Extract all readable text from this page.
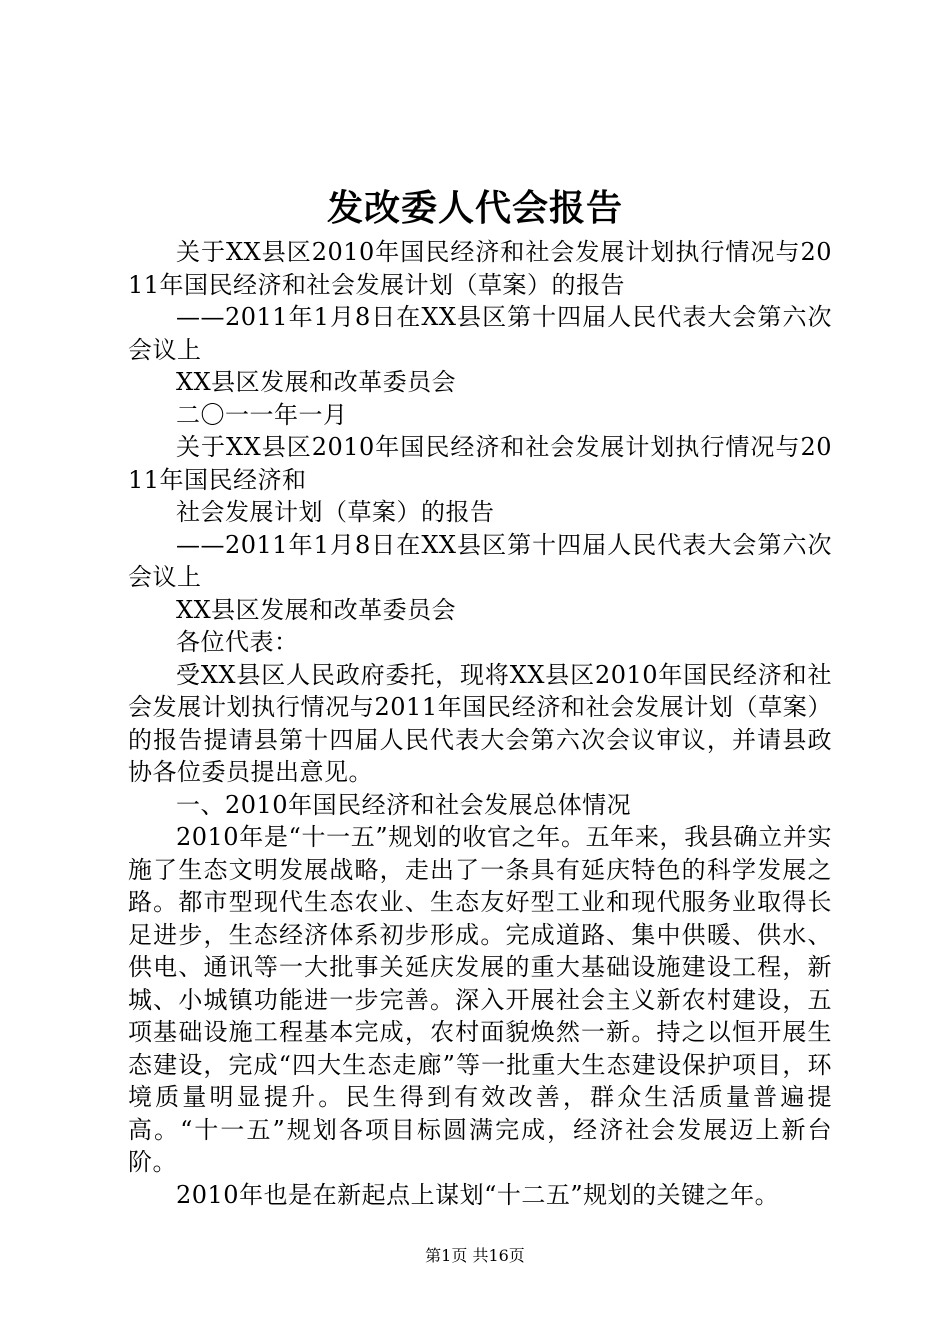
发改委人代会报告

关于XX县区2010年国民经济和社会发展计划执行情况与2011年国民经济和社会发展计划（草案）的报告

——2011年1月8日在XX县区第十四届人民代表大会第六次会议上

XX县区发展和改革委员会

二〇一一年一月

关于XX县区2010年国民经济和社会发展计划执行情况与2011年国民经济和

社会发展计划（草案）的报告

——2011年1月8日在XX县区第十四届人民代表大会第六次会议上

XX县区发展和改革委员会

各位代表：

受XX县区人民政府委托，现将XX县区2010年国民经济和社会发展计划执行情况与2011年国民经济和社会发展计划（草案）的报告提请县第十四届人民代表大会第六次会议审议，并请县政协各位委员提出意见。

一、2010年国民经济和社会发展总体情况

2010年是“十一五”规划的收官之年。五年来，我县确立并实施了生态文明发展战略，走出了一条具有延庆特色的科学发展之路。都市型现代生态农业、生态友好型工业和现代服务业取得长足进步，生态经济体系初步形成。完成道路、集中供暖、供水、供电、通讯等一大批事关延庆发展的重大基础设施建设工程，新城、小城镇功能进一步完善。深入开展社会主义新农村建设，五项基础设施工程基本完成，农村面貌焕然一新。持之以恒开展生态建设，完成“四大生态走廊”等一批重大生态建设保护项目，环境质量明显提升。民生得到有效改善，群众生活质量普遍提高。“十一五”规划各项目标圆满完成，经济社会发展迈上新台阶。

2010年也是在新起点上谋划“十二五”规划的关键之年。

第1页 共16页
